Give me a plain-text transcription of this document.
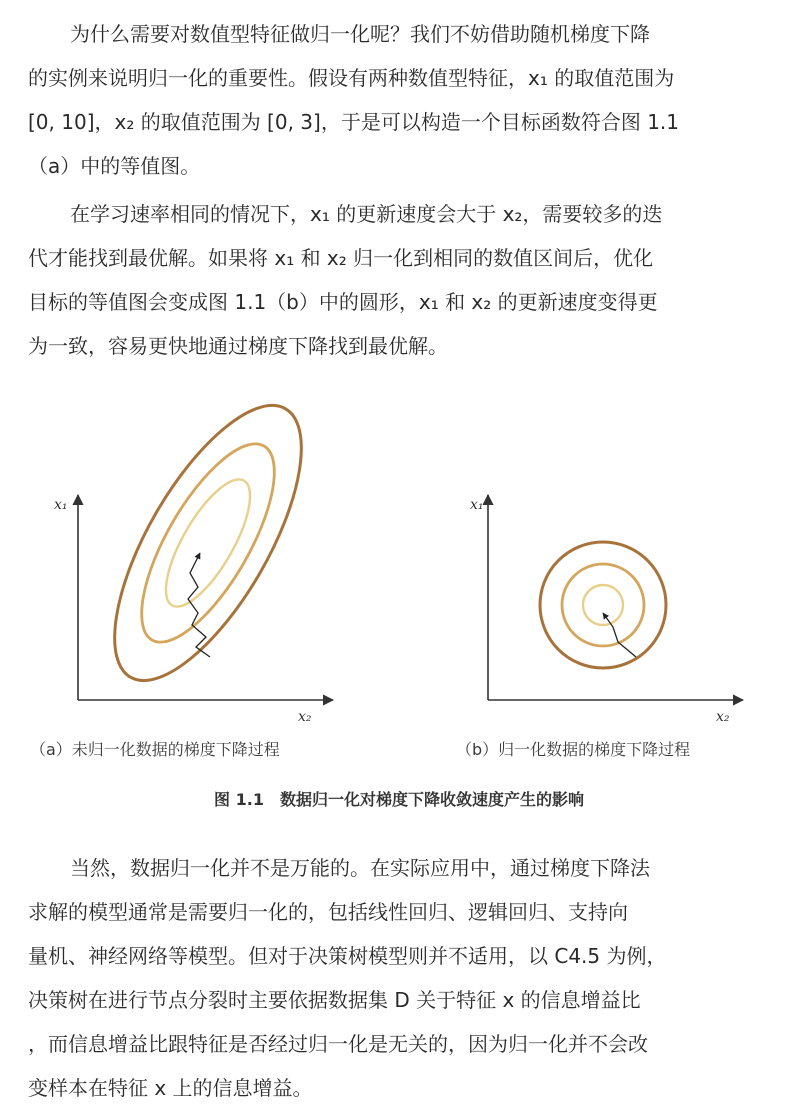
为什么需要对数值型特征做归一化呢？我们不妨借助随机梯度下降
的实例来说明归一化的重要性。假设有两种数值型特征，x₁ 的取值范围为
[0, 10]，x₂ 的取值范围为 [0, 3]，于是可以构造一个目标函数符合图 1.1
（a）中的等值图。
在学习速率相同的情况下，x₁ 的更新速度会大于 x₂，需要较多的迭
代才能找到最优解。如果将 x₁ 和 x₂ 归一化到相同的数值区间后，优化
目标的等值图会变成图 1.1（b）中的圆形，x₁ 和 x₂ 的更新速度变得更
为一致，容易更快地通过梯度下降找到最优解。
x₁
x₂
x₁
x₂
（a）未归一化数据的梯度下降过程	（b）归一化数据的梯度下降过程
图 1.1　数据归一化对梯度下降收敛速度产生的影响
当然，数据归一化并不是万能的。在实际应用中，通过梯度下降法
求解的模型通常是需要归一化的，包括线性回归、逻辑回归、支持向
量机、神经网络等模型。但对于决策树模型则并不适用，以 C4.5 为例，
决策树在进行节点分裂时主要依据数据集 D 关于特征 x 的信息增益比
，而信息增益比跟特征是否经过归一化是无关的，因为归一化并不会改
变样本在特征 x 上的信息增益。
